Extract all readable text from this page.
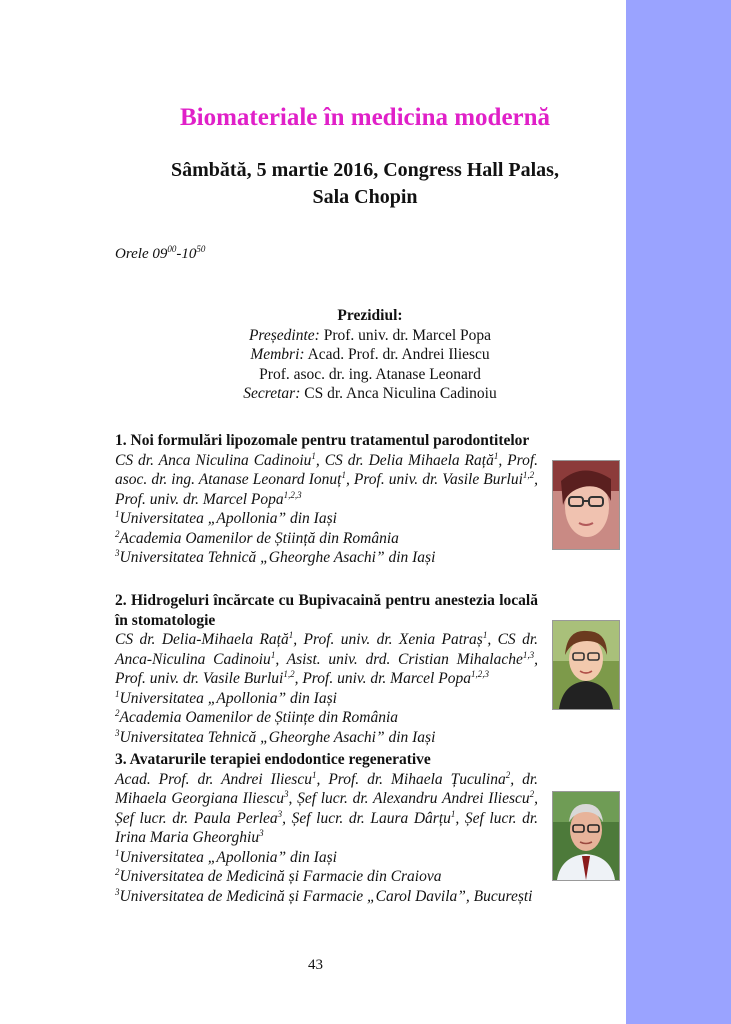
Biomateriale în medicina modernă
Sâmbătă, 5 martie 2016, Congress Hall Palas,
Sala Chopin
Orele $09^{00}-10^{50}$
Prezidiul:
Președinte: Prof. univ. dr. Marcel Popa
Membri: Acad. Prof. dr. Andrei Iliescu
Prof. asoc. dr. ing. Atanase Leonard
Secretar: CS dr. Anca Niculina Cadinoiu
1. Noi formulări lipozomale pentru tratamentul parodontitelor
CS dr. Anca Niculina Cadinoiu$^1$, CS dr. Delia Mihaela Rață$^1$, Prof. asoc. dr. ing. Atanase Leonard Ionuț$^1$, Prof. univ. dr. Vasile Burlui$^{1,2}$, Prof. univ. dr. Marcel Popa$^{1,2,3}$
$^1$Universitatea „Apollonia” din Iași
$^2$Academia Oamenilor de Știință din România
$^3$Universitatea Tehnică „Gheorghe Asachi” din Iași
2. Hidrogeluri încărcate cu Bupivacaină pentru anestezia locală în stomatologie
CS dr. Delia-Mihaela Rață$^1$, Prof. univ. dr. Xenia Patraș$^1$, CS dr. Anca-Niculina Cadinoiu$^1$, Asist. univ. drd. Cristian Mihalache$^{1,3}$, Prof. univ. dr. Vasile Burlui$^{1,2}$, Prof. univ. dr. Marcel Popa$^{1,2,3}$
$^1$Universitatea „Apollonia” din Iași
$^2$Academia Oamenilor de Științe din România
$^3$Universitatea Tehnică „Gheorghe Asachi” din Iași
3. Avatarurile terapiei endodontice regenerative
Acad. Prof. dr. Andrei Iliescu$^1$, Prof. dr. Mihaela Țuculina$^2$, dr. Mihaela Georgiana Iliescu$^3$, Șef lucr. dr. Alexandru Andrei Iliescu$^2$, Șef lucr. dr. Paula Perlea$^3$, Șef lucr. dr. Laura Dârțu$^1$, Șef lucr. dr. Irina Maria Gheorghiu$^3$
$^1$Universitatea „Apollonia” din Iași
$^2$Universitatea de Medicină și Farmacie din Craiova
$^3$Universitatea de Medicină și Farmacie „Carol Davila”, București
43
